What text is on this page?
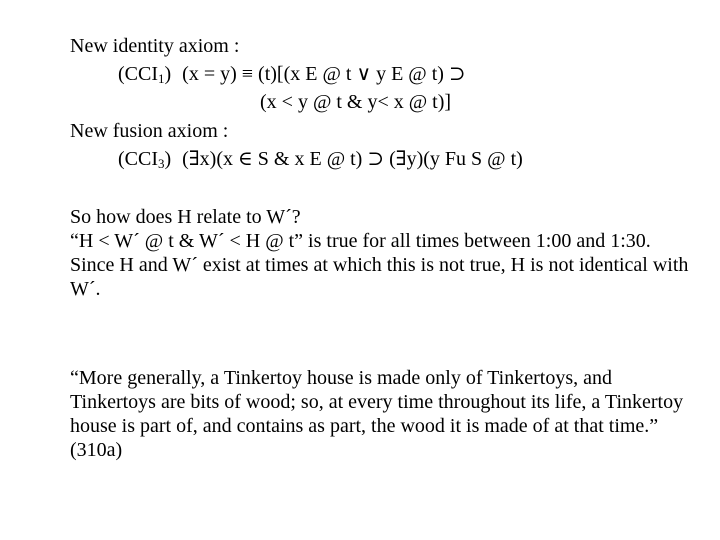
New identity axiom :
$(CCI_1) (x = y) \equiv (t)[(x$ E @ t ∨ y E @ t) ⊃
(x < y @ t & y< x @ t)]
New fusion axiom :
$(CCI_3)$ (∃x)(x ∈ S & x E @ t) ⊃ (∃y)(y Fu S @ t)
So how does H relate to W´?
“H < W´ @ t & W´ < H @ t” is true for all times between 1:00 and 1:30.
Since H and W´ exist at times at which this is not true, H is not identical with W´.
“More generally, a Tinkertoy house is made only of Tinkertoys, and Tinkertoys are bits of wood; so, at every time throughout its life, a Tinkertoy house is part of, and contains as part, the wood it is made of at that time.” (310a)
